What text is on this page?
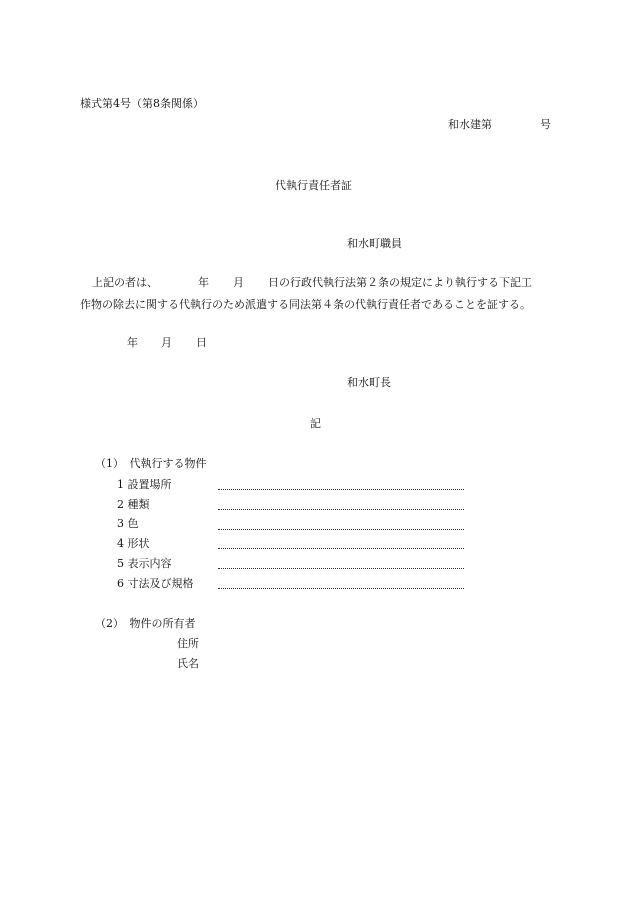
様式第4号（第8条関係）
和水建第	号
代執行責任者証
和水町職員
上記の者は、	年 月 日の行政代執行法第２条の規定により執行する下記工
作物の除去に関する代執行のため派遣する同法第４条の代執行責任者であることを証する。
年 月 日
和水町長
記
（1）　代執行する物件
1 設置場所
2 種類
3 色
4 形状
5 表示内容
6 寸法及び規格
（2）　物件の所有者
住所
氏名
